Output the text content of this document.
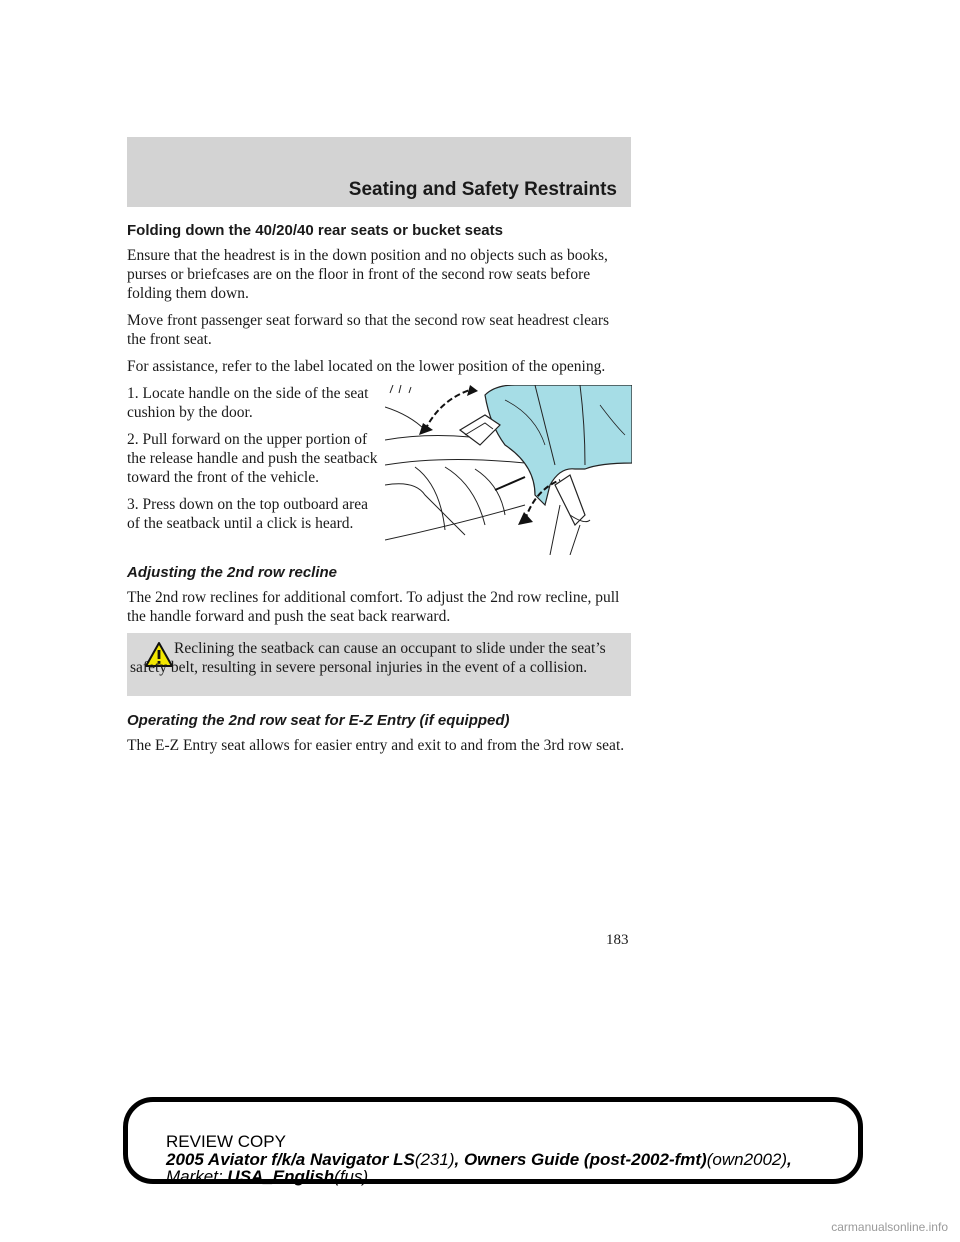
Seating and Safety Restraints
Folding down the 40/20/40 rear seats or bucket seats

Ensure that the headrest is in the down position and no objects such as books, purses or briefcases are on the floor in front of the second row seats before folding them down.

Move front passenger seat forward so that the second row seat headrest clears the front seat.

For assistance, refer to the label located on the lower position of the opening.

1. Locate handle on the side of the seat cushion by the door.

2. Pull forward on the upper portion of the release handle and push the seatback toward the front of the vehicle.

3. Press down on the top outboard area of the seatback until a click is heard.

Adjusting the 2nd row recline

The 2nd row reclines for additional comfort. To adjust the 2nd row recline, pull the handle forward and push the seat back rearward.

Reclining the seatback can cause an occupant to slide under the seat’s safety belt, resulting in severe personal injuries in the event of a collision.
Operating the 2nd row seat for E-Z Entry (if equipped)

The E-Z Entry seat allows for easier entry and exit to and from the 3rd row seat.

183
REVIEW COPY
2005 Aviator f/k/a Navigator LS(231), Owners Guide (post-2002-fmt)(own2002),
Market: USA_English(fus)
carmanualsonline.info
